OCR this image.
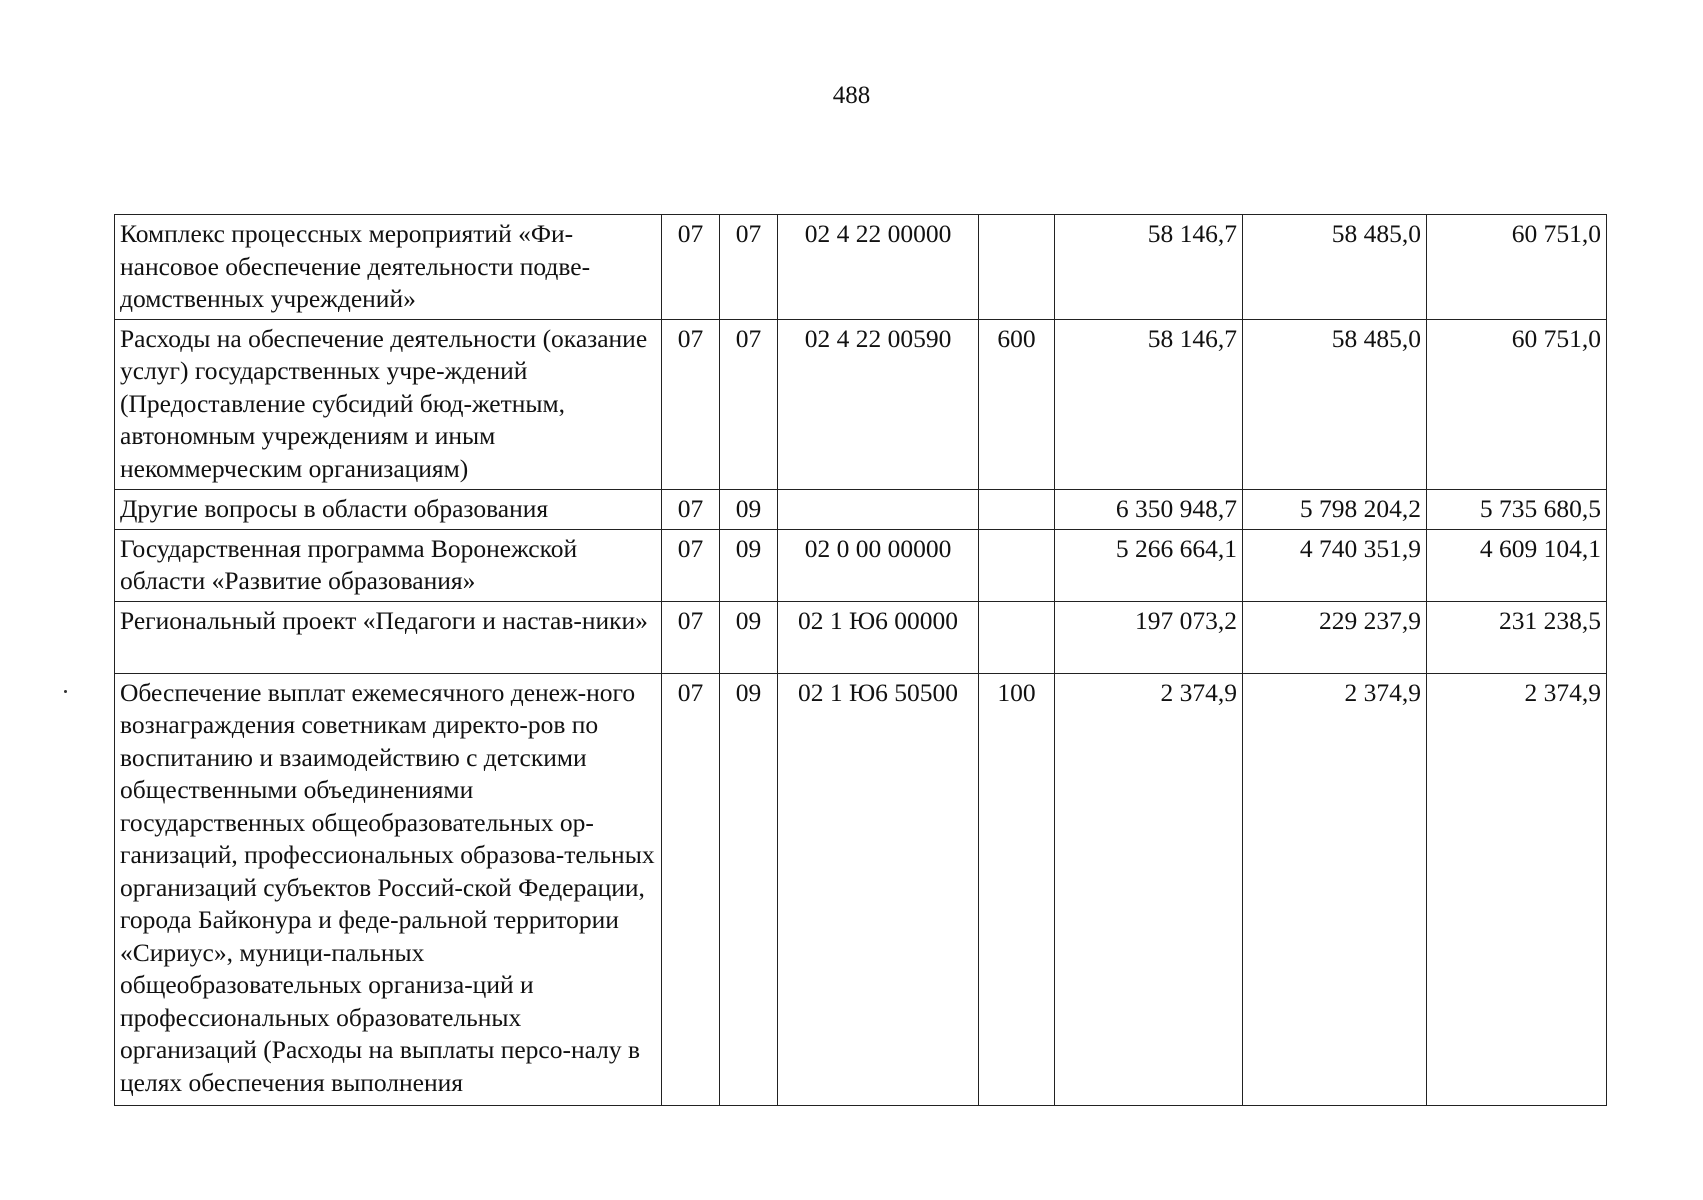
488
Комплекс процессных мероприятий «Фи-нансовое обеспечение деятельности подве-домственных учреждений»	07	07	02 4 22 00000		58 146,7	58 485,0	60 751,0
Расходы на обеспечение деятельности (оказание услуг) государственных учре-ждений (Предоставление субсидий бюд-жетным, автономным учреждениям и иным некоммерческим организациям)	07	07	02 4 22 00590	600	58 146,7	58 485,0	60 751,0
Другие вопросы в области образования	07	09			6 350 948,7	5 798 204,2	5 735 680,5
Государственная программа Воронежской области «Развитие образования»	07	09	02 0 00 00000		5 266 664,1	4 740 351,9	4 609 104,1
Региональный проект «Педагоги и настав-ники»	07	09	02 1 Ю6 00000		197 073,2	229 237,9	231 238,5
Обеспечение выплат ежемесячного денеж-ного вознаграждения советникам директо-ров по воспитанию и взаимодействию с детскими общественными объединениями государственных общеобразовательных ор-ганизаций, профессиональных образова-тельных организаций субъектов Россий-ской Федерации, города Байконура и феде-ральной территории «Сириус», муници-пальных общеобразовательных организа-ций и профессиональных образовательных организаций (Расходы на выплаты персо-налу в целях обеспечения выполнения	07	09	02 1 Ю6 50500	100	2 374,9	2 374,9	2 374,9
